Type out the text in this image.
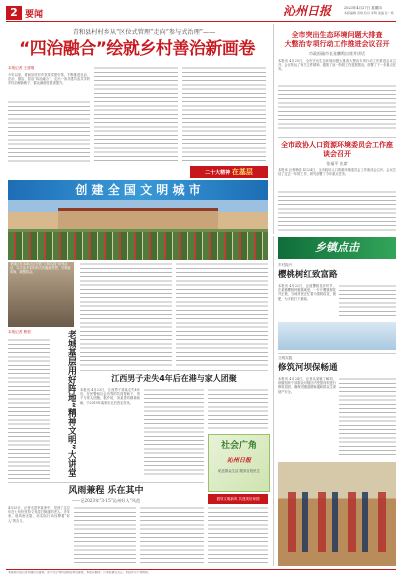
2 要闻	沁州日报	2023年4月27日 星期四
本版编辑 吴琪 校对 李明 美编 张一鸣
青和县村村乡从“区位式管理”走向“参与式治理”——
“四治融合”绘就乡村善治新画卷
本报记者 王建明
今年以来，青和县村村乡坚持党建引领，不断推进自治、法治、德治、智治“四治融合”，走出一条共建共治共享的乡村治理新路子，群众满意度显著提升。
全市突出生态环境问题大排查
大整治专项行动工作推进会议召开
市政府副市长张鹏鸣出席并讲话
本报讯 4月25日，全市突出生态环境问题大排查大整治专项行动工作推进会议召开。会议传达了有关文件精神，通报了前一阶段工作进展情况，部署了下一步重点任务。
全市政协人口资源环境委员会工作座谈会召开
张福平 出席
本报讯 记者韩佳 4月24日，全市政协人口资源环境委员会工作座谈会召开。会议总结了过去一年的工作，研究部署了今年重点任务。
二十大精神 在基层
创 建 全 国 文 明 城 市
老城区在本地社区开展“文明实践”系列活动，以丰富多彩的形式传播新思想，引领新风尚，凝聚群众。
老城基层用好阵地“精神文明”大讲堂
本报记者 曹莉
江西男子走失4年后在港与家人团聚
本报讯 4月23日，江西男子刘某走失4年后，在民警和社会各界的共同帮助下，终于与家人团聚。据介绍，刘某患有精神疾病，于2019年离家出走后杳无音讯。
社会广角
沁州日报
贴近群众生活 服务百姓民生
风雨兼程 乐在其中
——记2023年“3·15”沁州好人“风范
4月25日，记者走进李某家中，见到了这位年近七旬仍坚持义务清扫街道的老人。多年来，他风雨无阻，用实际行动诠释着“好人”的含义。
倡导文明新风 共建美好家园
乡镇点击
乡村振兴
樱桃树红致富路
本报讯 4月22日，正值樱桃花开时节，在某镇樱桃种植基地里，一片片樱桃树花开正艳，当地村民正忙着为果树疏花、施肥，为丰收打下基础。
文明实践
修筑河坝保畅通
本报讯 4月24日，记者从某镇了解到，该镇组织干部群众对辖区内受损河坝进行修筑加固，确保汛期道路畅通和群众生命财产安全。
本版图片由记者和通讯员提供，部分文字材料由相关单位提供，本报有删改。凡本报署名文章，未经许可不得转载。
